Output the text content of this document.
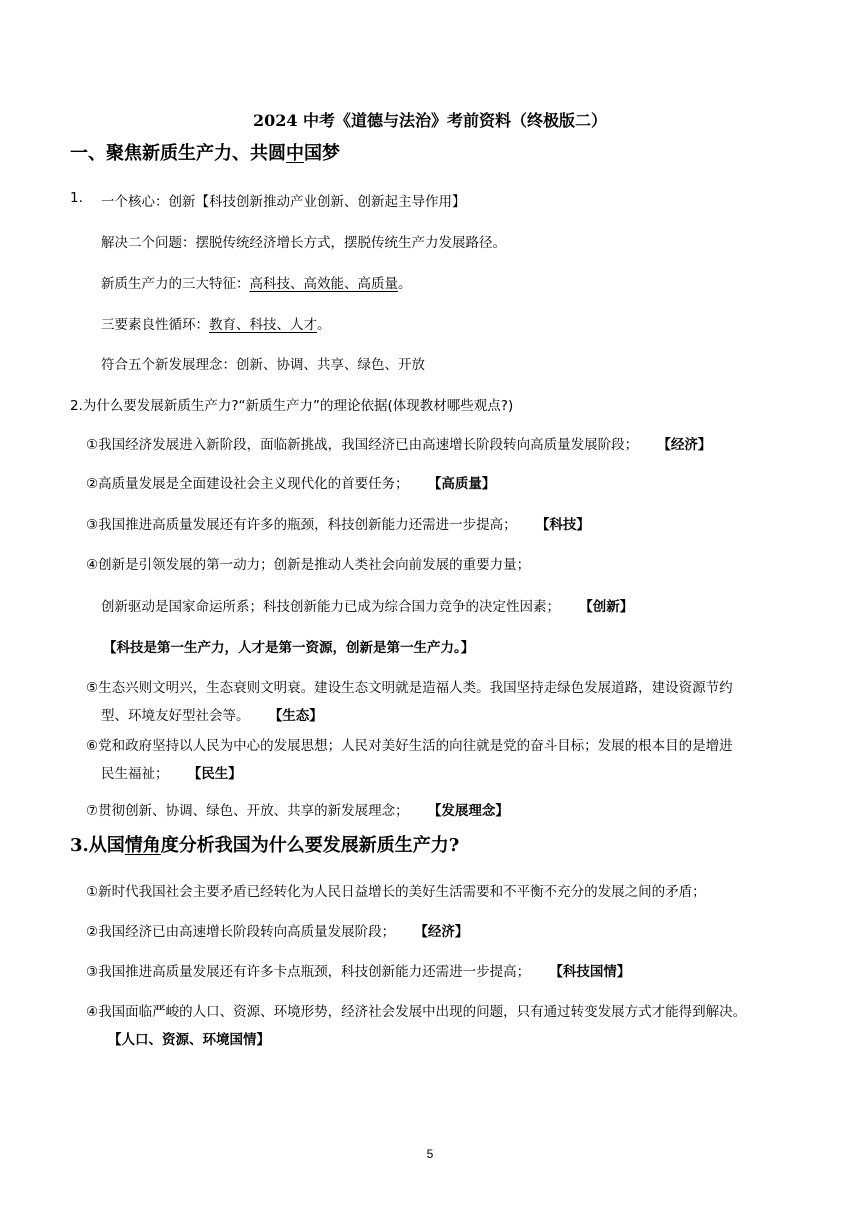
2024 中考《道德与法治》考前资料（终极版二）
一、聚焦新质生产力、共圆中国梦
1. 一个核心：创新【科技创新推动产业创新、创新起主导作用】
解决二个问题：摆脱传统经济增长方式，摆脱传统生产力发展路径。
新质生产力的三大特征：高科技、高效能、高质量。
三要素良性循环：教育、科技、人才。
符合五个新发展理念：创新、协调、共享、绿色、开放
2.为什么要发展新质生产力?“新质生产力”的理论依据(体现教材哪些观点?)
①我国经济发展进入新阶段，面临新挑战，我国经济已由高速增长阶段转向高质量发展阶段； 【经济】
②高质量发展是全面建设社会主义现代化的首要任务； 【高质量】
③我国推进高质量发展还有许多的瓶颈，科技创新能力还需进一步提高； 【科技】
④创新是引领发展的第一动力；创新是推动人类社会向前发展的重要力量；
创新驱动是国家命运所系；科技创新能力已成为综合国力竞争的决定性因素； 【创新】
【科技是第一生产力，人才是第一资源，创新是第一生产力。】
⑤生态兴则文明兴，生态衰则文明衰。建设生态文明就是造福人类。我国坚持走绿色发展道路，建设资源节约
型、环境友好型社会等。 【生态】
⑥党和政府坚持以人民为中心的发展思想；人民对美好生活的向往就是党的奋斗目标；发展的根本目的是增进
民生福祉； 【民生】
⑦贯彻创新、协调、绿色、开放、共享的新发展理念； 【发展理念】
3.从国情角度分析我国为什么要发展新质生产力?
①新时代我国社会主要矛盾已经转化为人民日益增长的美好生活需要和不平衡不充分的发展之间的矛盾；
②我国经济已由高速增长阶段转向高质量发展阶段； 【经济】
③我国推进高质量发展还有许多卡点瓶颈，科技创新能力还需进一步提高； 【科技国情】
④我国面临严峻的人口、资源、环境形势，经济社会发展中出现的问题，只有通过转变发展方式才能得到解决。
【人口、资源、环境国情】
5
